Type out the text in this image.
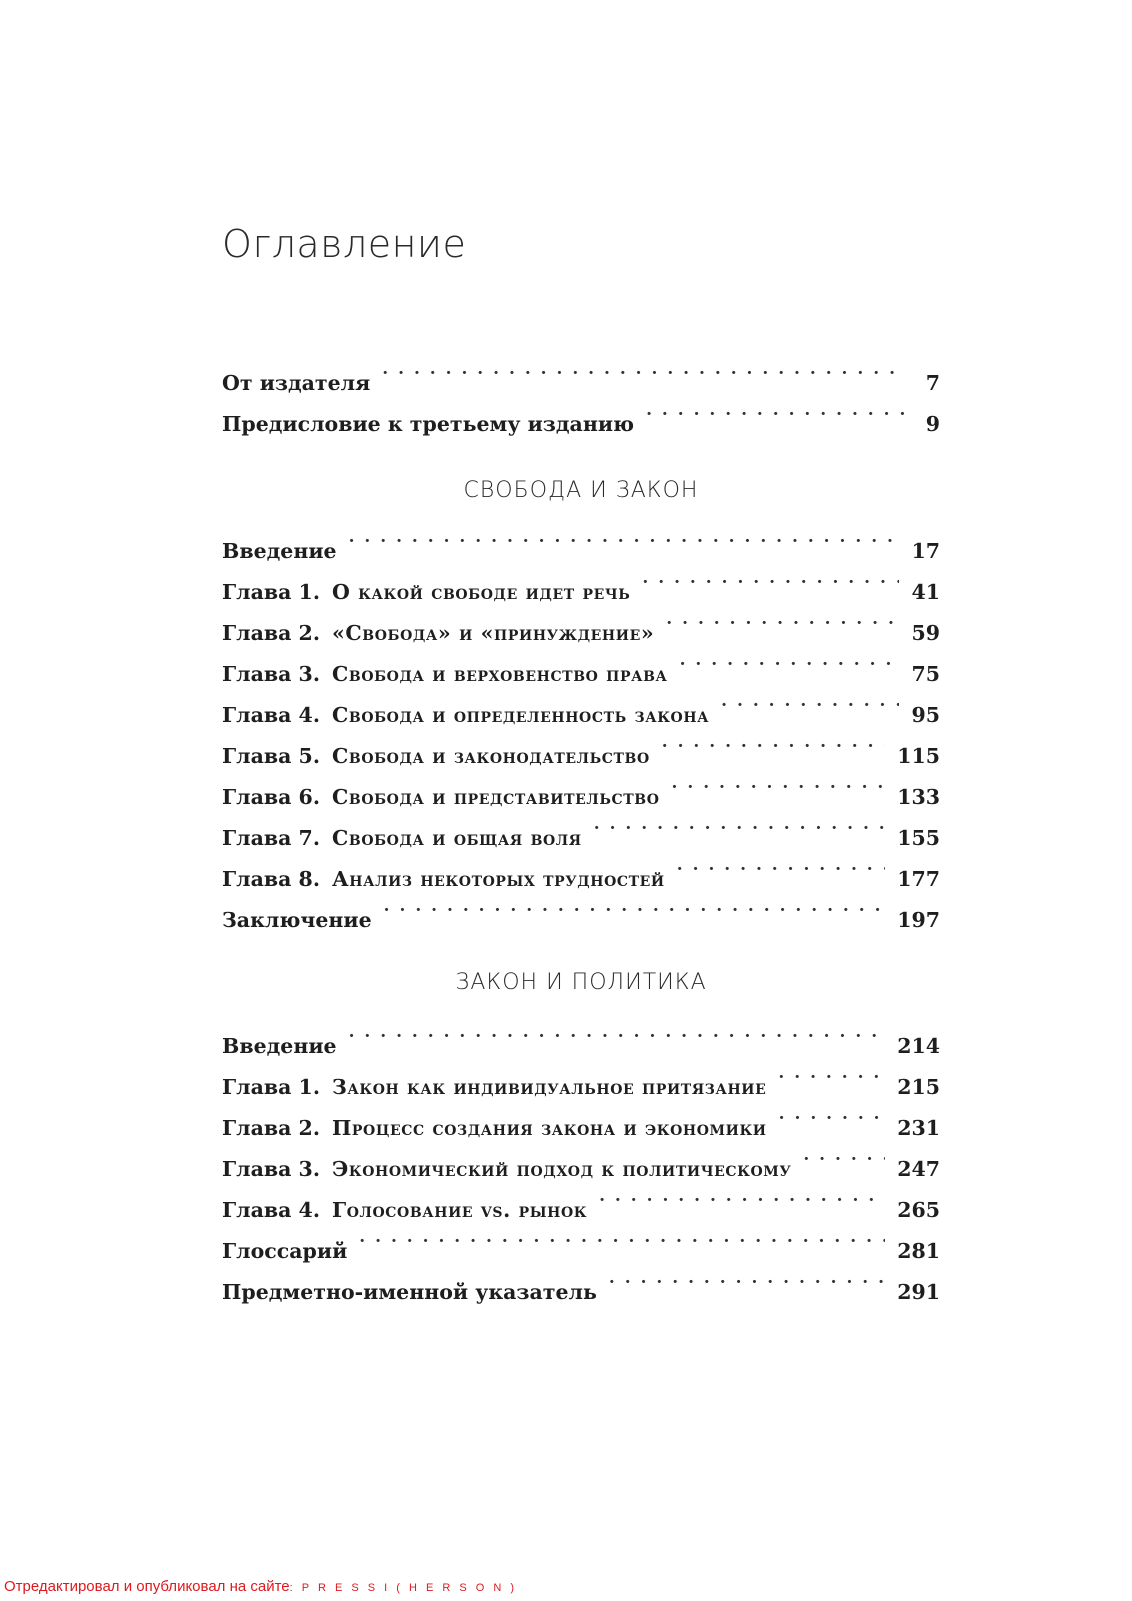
Оглавление
От издателя . . .	7
Предисловие к третьему изданию . . .	9
СВОБОДА И ЗАКОН
Введение . . .	17
Глава 1. О какой свободе идет речь . . .	41
Глава 2. «Свобода» и «принуждение» . . .	59
Глава 3. Свобода и верховенство права . . .	75
Глава 4. Свобода и определенность закона . . .	95
Глава 5. Свобода и законодательство . . .	115
Глава 6. Свобода и представительство . . .	133
Глава 7. Свобода и общая воля . . .	155
Глава 8. Анализ некоторых трудностей . . .	177
Заключение . . .	197
ЗАКОН И ПОЛИТИКА
Введение . . .	214
Глава 1. Закон как индивидуальное притязание . . .	215
Глава 2. Процесс создания закона и экономики . . .	231
Глава 3. Экономический подход к политическому . . .	247
Глава 4. Голосование vs. рынок . . .	265
Глоссарий . . .	281
Предметно-именной указатель . . .	291
Отредактировал и опубликовал на сайте: P R E S S I ( H E R S O N )
